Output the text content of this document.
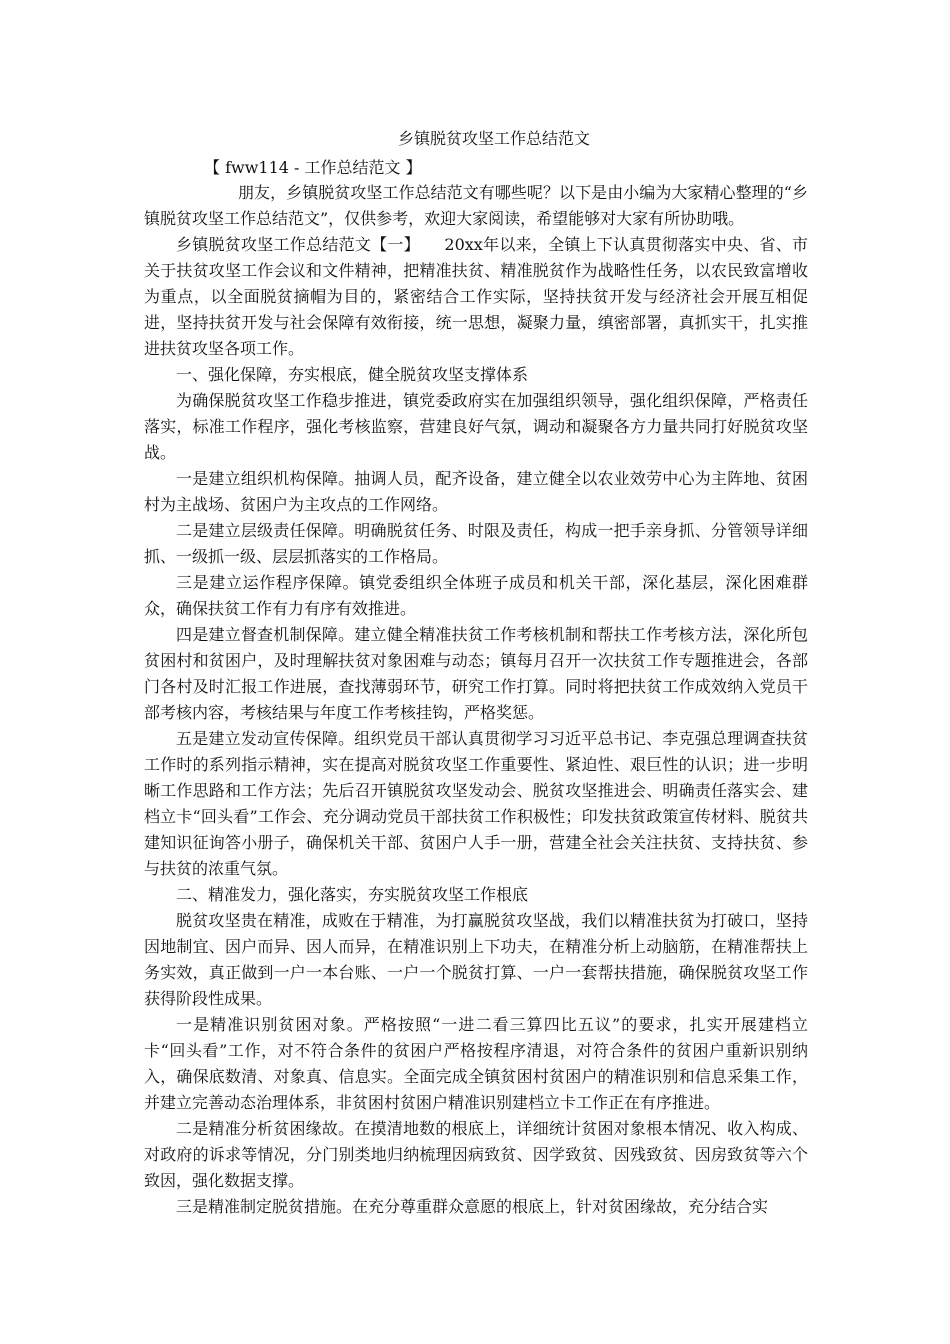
乡镇脱贫攻坚工作总结范文
【 fww114 - 工作总结范文 】

朋友，乡镇脱贫攻坚工作总结范文有哪些呢？以下是由小编为大家精心整理的“乡镇脱贫攻坚工作总结范文”，仅供参考，欢迎大家阅读，希望能够对大家有所协助哦。

乡镇脱贫攻坚工作总结范文【一】　　20xx年以来，全镇上下认真贯彻落实中央、省、市关于扶贫攻坚工作会议和文件精神，把精准扶贫、精准脱贫作为战略性任务，以农民致富增收为重点，以全面脱贫摘帽为目的，紧密结合工作实际，坚持扶贫开发与经济社会开展互相促进，坚持扶贫开发与社会保障有效衔接，统一思想，凝聚力量，缜密部署，真抓实干，扎实推进扶贫攻坚各项工作。

一、强化保障，夯实根底，健全脱贫攻坚支撑体系

为确保脱贫攻坚工作稳步推进，镇党委政府实在加强组织领导，强化组织保障，严格责任落实，标准工作程序，强化考核监察，营建良好气氛，调动和凝聚各方力量共同打好脱贫攻坚战。

一是建立组织机构保障。抽调人员，配齐设备，建立健全以农业效劳中心为主阵地、贫困村为主战场、贫困户为主攻点的工作网络。

二是建立层级责任保障。明确脱贫任务、时限及责任，构成一把手亲身抓、分管领导详细抓、一级抓一级、层层抓落实的工作格局。

三是建立运作程序保障。镇党委组织全体班子成员和机关干部，深化基层，深化困难群众，确保扶贫工作有力有序有效推进。

四是建立督查机制保障。建立健全精准扶贫工作考核机制和帮扶工作考核方法，深化所包贫困村和贫困户，及时理解扶贫对象困难与动态；镇每月召开一次扶贫工作专题推进会，各部门各村及时汇报工作进展，查找薄弱环节，研究工作打算。同时将把扶贫工作成效纳入党员干部考核内容，考核结果与年度工作考核挂钩，严格奖惩。

五是建立发动宣传保障。组织党员干部认真贯彻学习习近平总书记、李克强总理调查扶贫工作时的系列指示精神，实在提高对脱贫攻坚工作重要性、紧迫性、艰巨性的认识；进一步明晰工作思路和工作方法；先后召开镇脱贫攻坚发动会、脱贫攻坚推进会、明确责任落实会、建档立卡“回头看”工作会、充分调动党员干部扶贫工作积极性；印发扶贫政策宣传材料、脱贫共建知识征询答小册子，确保机关干部、贫困户人手一册，营建全社会关注扶贫、支持扶贫、参与扶贫的浓重气氛。

二、精准发力，强化落实，夯实脱贫攻坚工作根底

脱贫攻坚贵在精准，成败在于精准，为打赢脱贫攻坚战，我们以精准扶贫为打破口，坚持因地制宜、因户而异、因人而异，在精准识别上下功夫，在精准分析上动脑筋，在精准帮扶上务实效，真正做到一户一本台账、一户一个脱贫打算、一户一套帮扶措施，确保脱贫攻坚工作获得阶段性成果。

一是精准识别贫困对象。严格按照“一进二看三算四比五议”的要求，扎实开展建档立卡“回头看”工作，对不符合条件的贫困户严格按程序清退，对符合条件的贫困户重新识别纳入，确保底数清、对象真、信息实。全面完成全镇贫困村贫困户的精准识别和信息采集工作，并建立完善动态治理体系，非贫困村贫困户精准识别建档立卡工作正在有序推进。

二是精准分析贫困缘故。在摸清地数的根底上，详细统计贫困对象根本情况、收入构成、对政府的诉求等情况，分门别类地归纳梳理因病致贫、因学致贫、因残致贫、因房致贫等六个致因，强化数据支撑。

三是精准制定脱贫措施。在充分尊重群众意愿的根底上，针对贫困缘故，充分结合实
